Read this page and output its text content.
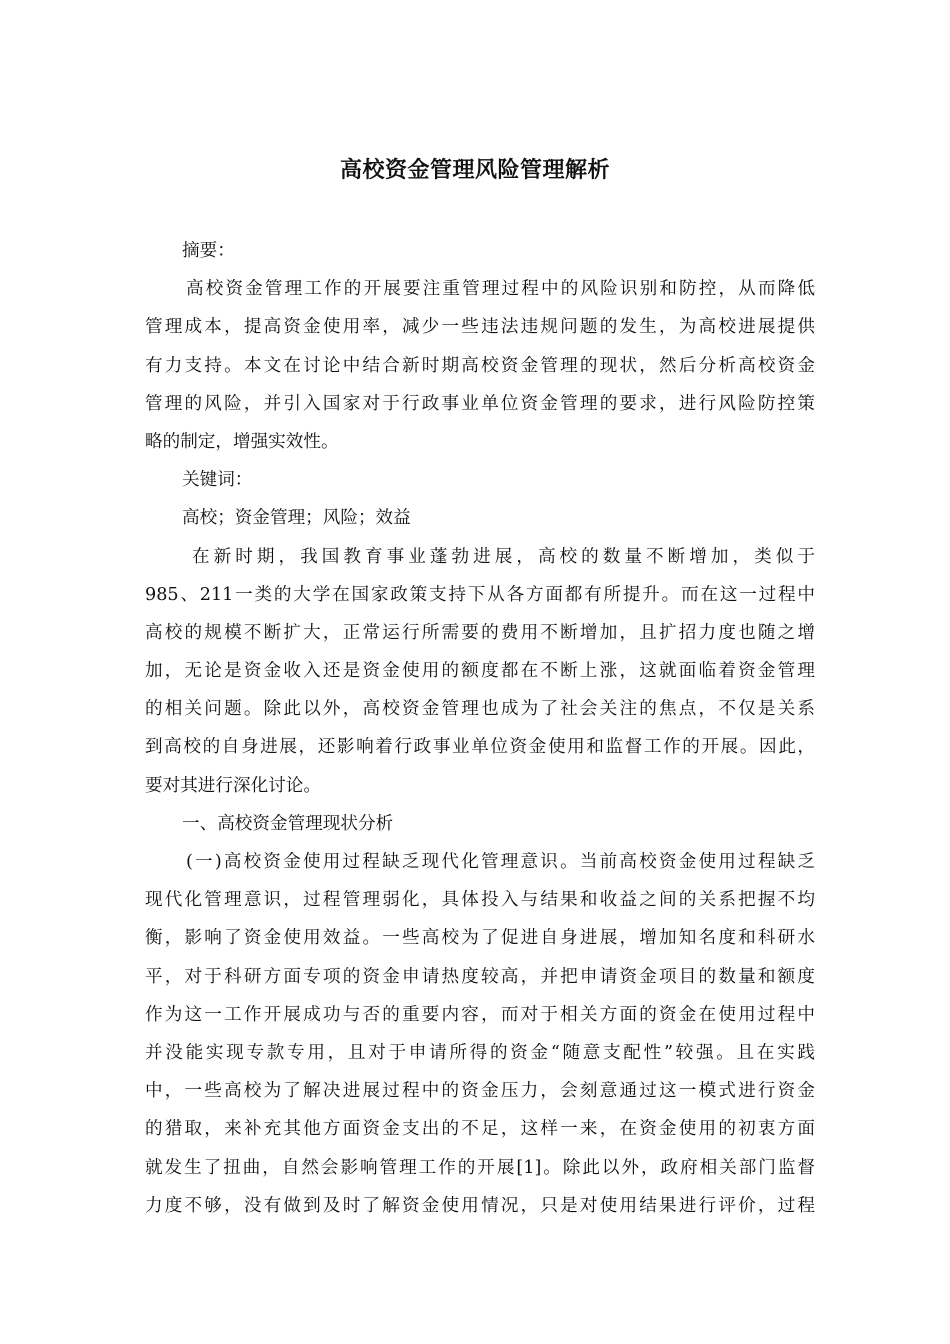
高校资金管理风险管理解析
摘要：
高校资金管理工作的开展要注重管理过程中的风险识别和防控，从而降低
管理成本，提高资金使用率，减少一些违法违规问题的发生，为高校进展提供
有力支持。本文在讨论中结合新时期高校资金管理的现状，然后分析高校资金
管理的风险，并引入国家对于行政事业单位资金管理的要求，进行风险防控策
略的制定，增强实效性。
关键词：
高校；资金管理；风险；效益
在新时期，我国教育事业蓬勃进展，高校的数量不断增加，类似于
985、211一类的大学在国家政策支持下从各方面都有所提升。而在这一过程中
高校的规模不断扩大，正常运行所需要的费用不断增加，且扩招力度也随之增
加，无论是资金收入还是资金使用的额度都在不断上涨，这就面临着资金管理
的相关问题。除此以外，高校资金管理也成为了社会关注的焦点，不仅是关系
到高校的自身进展，还影响着行政事业单位资金使用和监督工作的开展。因此，
要对其进行深化讨论。
一、高校资金管理现状分析
(一)高校资金使用过程缺乏现代化管理意识。当前高校资金使用过程缺乏
现代化管理意识，过程管理弱化，具体投入与结果和收益之间的关系把握不均
衡，影响了资金使用效益。一些高校为了促进自身进展，增加知名度和科研水
平，对于科研方面专项的资金申请热度较高，并把申请资金项目的数量和额度
作为这一工作开展成功与否的重要内容，而对于相关方面的资金在使用过程中
并没能实现专款专用，且对于申请所得的资金“随意支配性”较强。且在实践
中，一些高校为了解决进展过程中的资金压力，会刻意通过这一模式进行资金
的猎取，来补充其他方面资金支出的不足，这样一来，在资金使用的初衷方面
就发生了扭曲，自然会影响管理工作的开展[1]。除此以外，政府相关部门监督
力度不够，没有做到及时了解资金使用情况，只是对使用结果进行评价，过程
